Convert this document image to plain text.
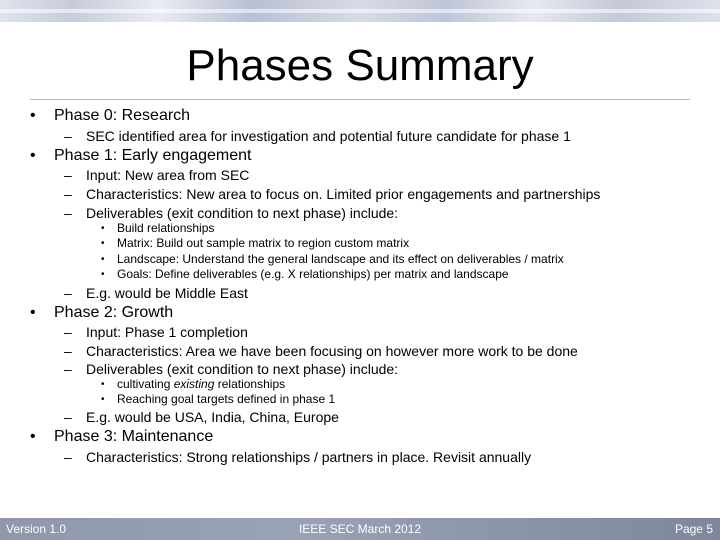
Phases Summary
• Phase 0: Research
– SEC identified area for investigation and potential future candidate for phase 1
• Phase 1: Early engagement
– Input: New area from SEC
– Characteristics: New area to focus on. Limited prior engagements and partnerships
– Deliverables (exit condition to next phase) include:
• Build relationships
• Matrix: Build out sample matrix to region custom matrix
• Landscape: Understand the general landscape and its effect on deliverables / matrix
• Goals: Define deliverables (e.g. X relationships) per matrix and landscape
– E.g. would be Middle East
• Phase 2: Growth
– Input: Phase 1 completion
– Characteristics: Area we have been focusing on however more work to be done
– Deliverables (exit condition to next phase) include:
• cultivating existing relationships
• Reaching goal targets defined in phase 1
– E.g. would be USA, India, China, Europe
• Phase 3: Maintenance
– Characteristics: Strong relationships / partners in place. Revisit annually
Version 1.0	IEEE SEC March 2012	Page 5
